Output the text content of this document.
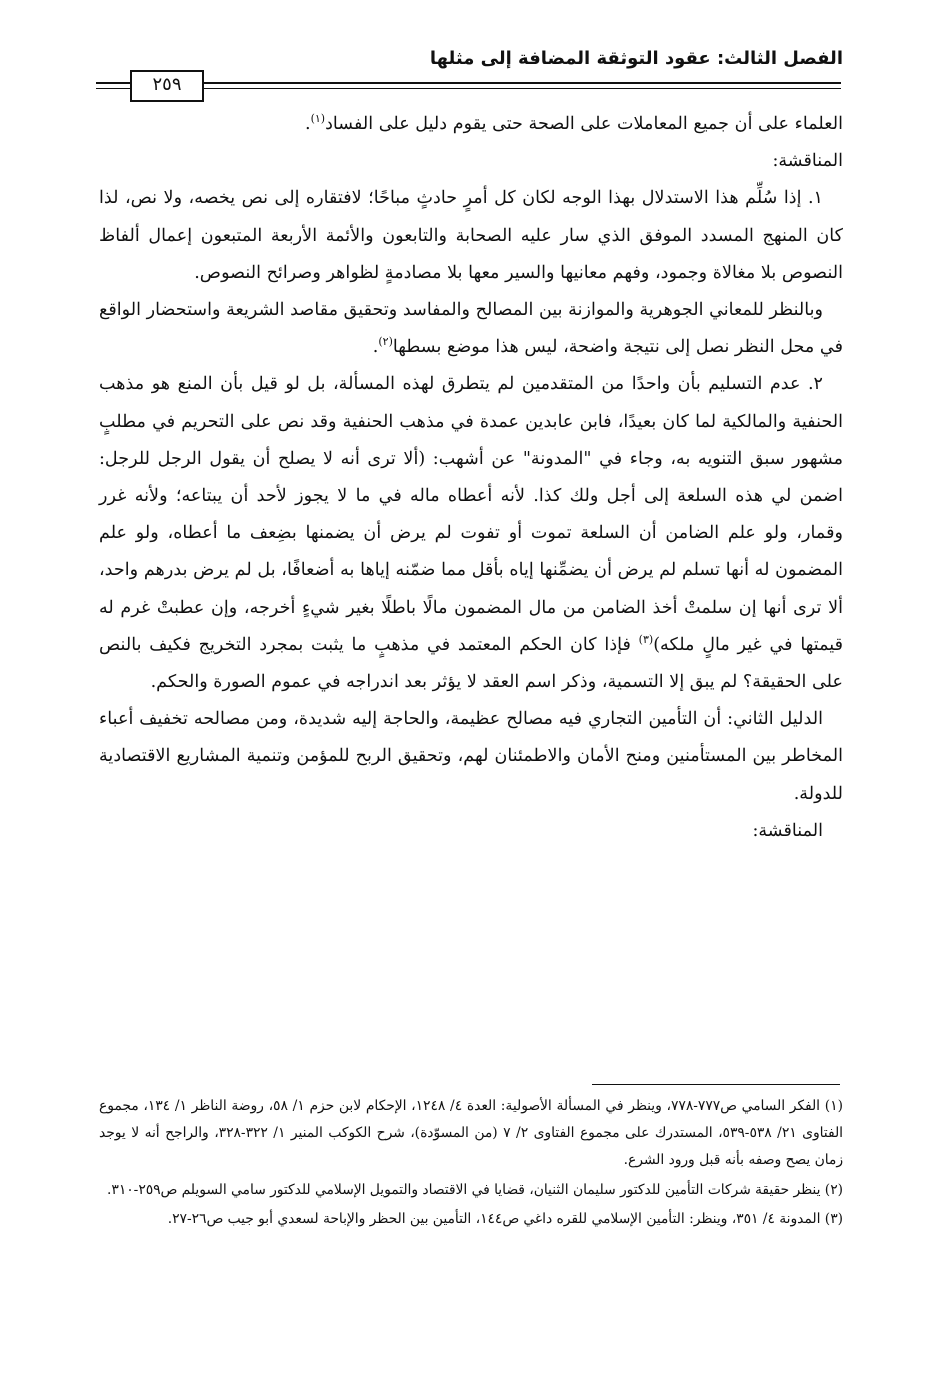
الفصل الثالث: عقود التوثقة المضافة إلى مثلها
٢٥٩

العلماء على أن جميع المعاملات على الصحة حتى يقوم دليل على الفساد$^{(١)}$.

المناقشة:

١. إذا سُلِّم هذا الاستدلال بهذا الوجه لكان كل أمرٍ حادثٍ مباحًا؛ لافتقاره إلى نص يخصه، ولا نص، لذا كان المنهج المسدد الموفق الذي سار عليه الصحابة والتابعون والأئمة الأربعة المتبعون إعمال ألفاظ النصوص بلا مغالاة وجمود، وفهم معانيها والسير معها بلا مصادمةٍ لظواهر وصرائح النصوص.

وبالنظر للمعاني الجوهرية والموازنة بين المصالح والمفاسد وتحقيق مقاصد الشريعة واستحضار الواقع في محل النظر نصل إلى نتيجة واضحة، ليس هذا موضع بسطها$^{(٢)}$.

٢. عدم التسليم بأن واحدًا من المتقدمين لم يتطرق لهذه المسألة، بل لو قيل بأن المنع هو مذهب الحنفية والمالكية لما كان بعيدًا، فابن عابدين عمدة في مذهب الحنفية وقد نص على التحريم في مطلبٍ مشهور سبق التنويه به، وجاء في "المدونة" عن أشهب: (ألا ترى أنه لا يصلح أن يقول الرجل للرجل: اضمن لي هذه السلعة إلى أجل ولك كذا. لأنه أعطاه ماله في ما لا يجوز لأحد أن يبتاعه؛ ولأنه غرر وقمار، ولو علم الضامن أن السلعة تموت أو تفوت لم يرض أن يضمنها بضِعف ما أعطاه، ولو علم المضمون له أنها تسلم لم يرض أن يضمِّنها إياه بأقل مما ضمّنه إياها به أضعافًا، بل لم يرض بدرهم واحد، ألا ترى أنها إن سلمتْ أخذ الضامن من مال المضمون مالًا باطلًا بغير شيءٍ أخرجه، وإن عطبتْ غرم له قيمتها في غير مالٍ ملكه)$^{(٣)}$ فإذا كان الحكم المعتمد في مذهبٍ ما يثبت بمجرد التخريج فكيف بالنص على الحقيقة؟ لم يبق إلا التسمية، وذكر اسم العقد لا يؤثر بعد اندراجه في عموم الصورة والحكم.

الدليل الثاني: أن التأمين التجاري فيه مصالح عظيمة، والحاجة إليه شديدة، ومن مصالحه تخفيف أعباء المخاطر بين المستأمنين ومنح الأمان والاطمئنان لهم، وتحقيق الربح للمؤمن وتنمية المشاريع الاقتصادية للدولة.

المناقشة:

(١) الفكر السامي ص٧٧٧-٧٧٨، وينظر في المسألة الأصولية: العدة ٤/ ١٢٤٨، الإحكام لابن حزم ١/ ٥٨، روضة الناظر ١/ ١٣٤، مجموع الفتاوى ٢١/ ٥٣٨-٥٣٩، المستدرك على مجموع الفتاوى ٢/ ٧ (من المسوّدة)، شرح الكوكب المنير ١/ ٣٢٢-٣٢٨، والراجح أنه لا يوجد زمان يصح وصفه بأنه قبل ورود الشرع.

(٢) ينظر حقيقة شركات التأمين للدكتور سليمان الثنيان، قضايا في الاقتصاد والتمويل الإسلامي للدكتور سامي السويلم ص٢٥٩-٣١٠.

(٣) المدونة ٤/ ٣٥١، وينظر: التأمين الإسلامي للقره داغي ص١٤٤، التأمين بين الحظر والإباحة لسعدي أبو جيب ص٢٦-٢٧.
